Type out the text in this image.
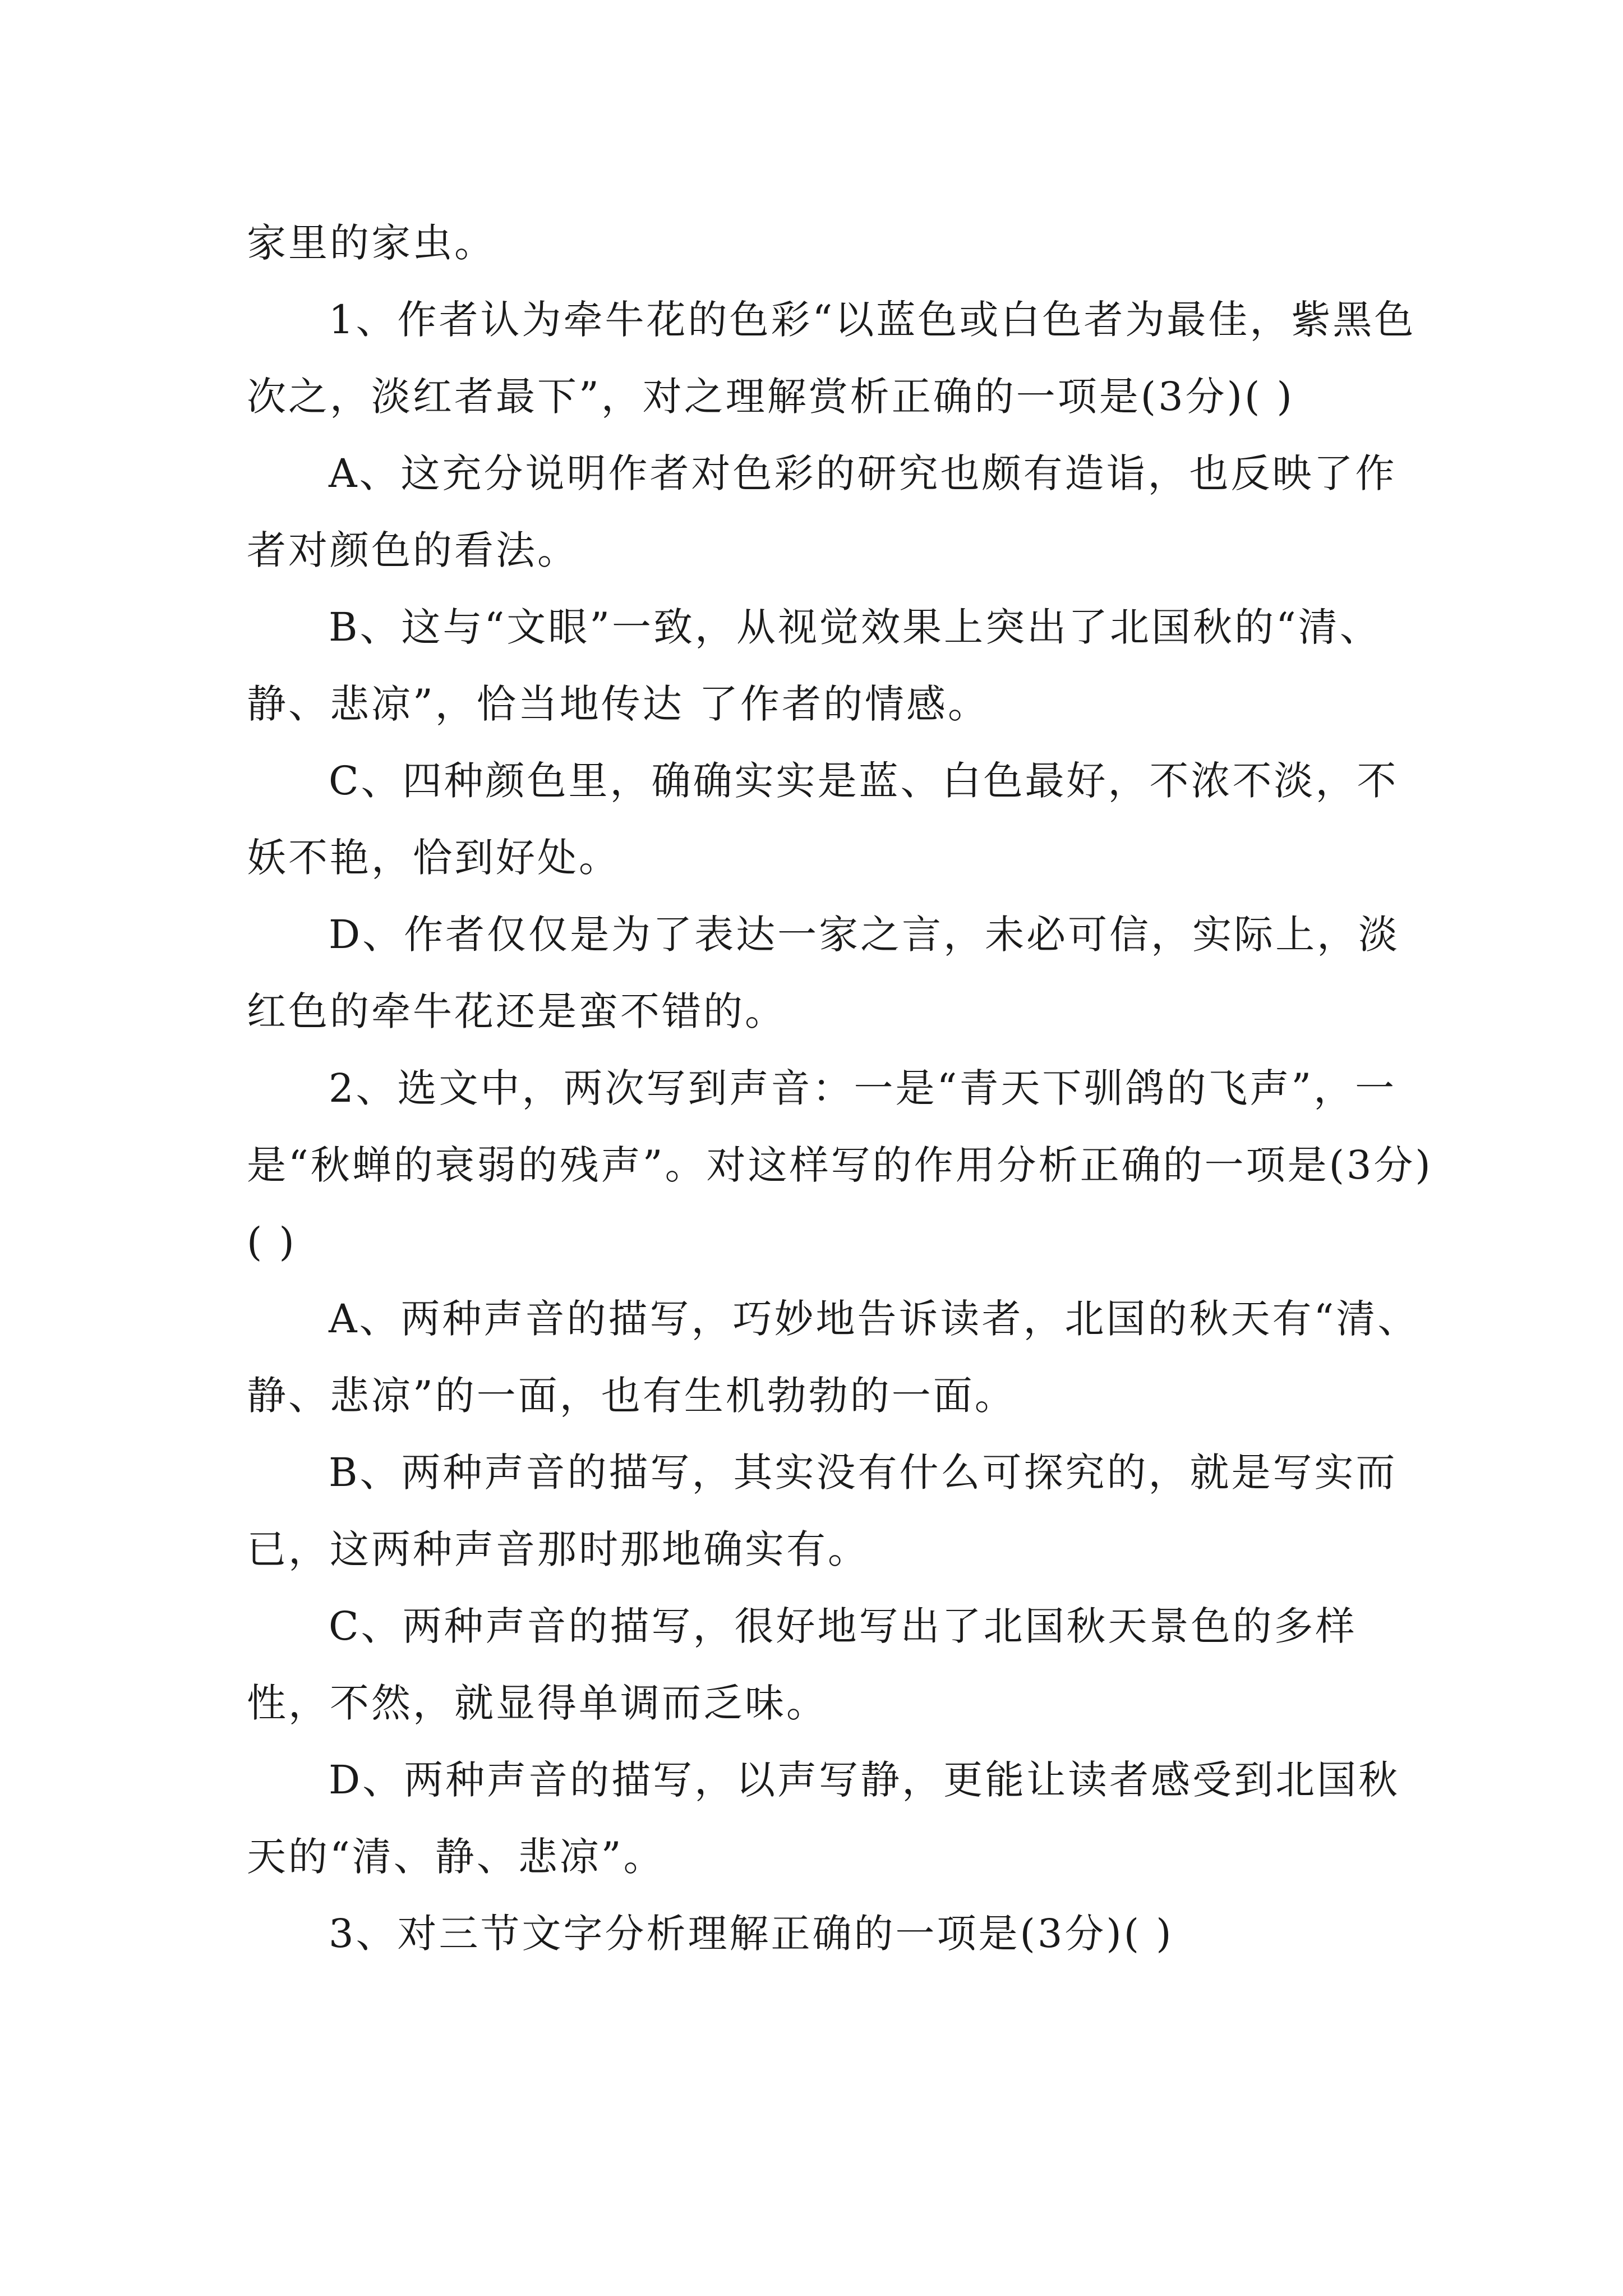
家里的家虫。

1、作者认为牵牛花的色彩“以蓝色或白色者为最佳，紫黑色次之，淡红者最下”，对之理解赏析正确的一项是(3分)( )

A、这充分说明作者对色彩的研究也颇有造诣，也反映了作者对颜色的看法。

B、这与“文眼”一致，从视觉效果上突出了北国秋的“清、静、悲凉”，恰当地传达 了作者的情感。

C、四种颜色里，确确实实是蓝、白色最好，不浓不淡，不妖不艳，恰到好处。

D、作者仅仅是为了表达一家之言，未必可信，实际上，淡红色的牵牛花还是蛮不错的。

2、选文中，两次写到声音：一是“青天下驯鸽的飞声”，一是“秋蝉的衰弱的残声”。对这样写的作用分析正确的一项是(3分)( )

A、两种声音的描写，巧妙地告诉读者，北国的秋天有“清、静、悲凉”的一面，也有生机勃勃的一面。

B、两种声音的描写，其实没有什么可探究的，就是写实而已，这两种声音那时那地确实有。

C、两种声音的描写，很好地写出了北国秋天景色的多样性，不然，就显得单调而乏味。

D、两种声音的描写，以声写静，更能让读者感受到北国秋天的“清、静、悲凉”。

3、对三节文字分析理解正确的一项是(3分)( )
